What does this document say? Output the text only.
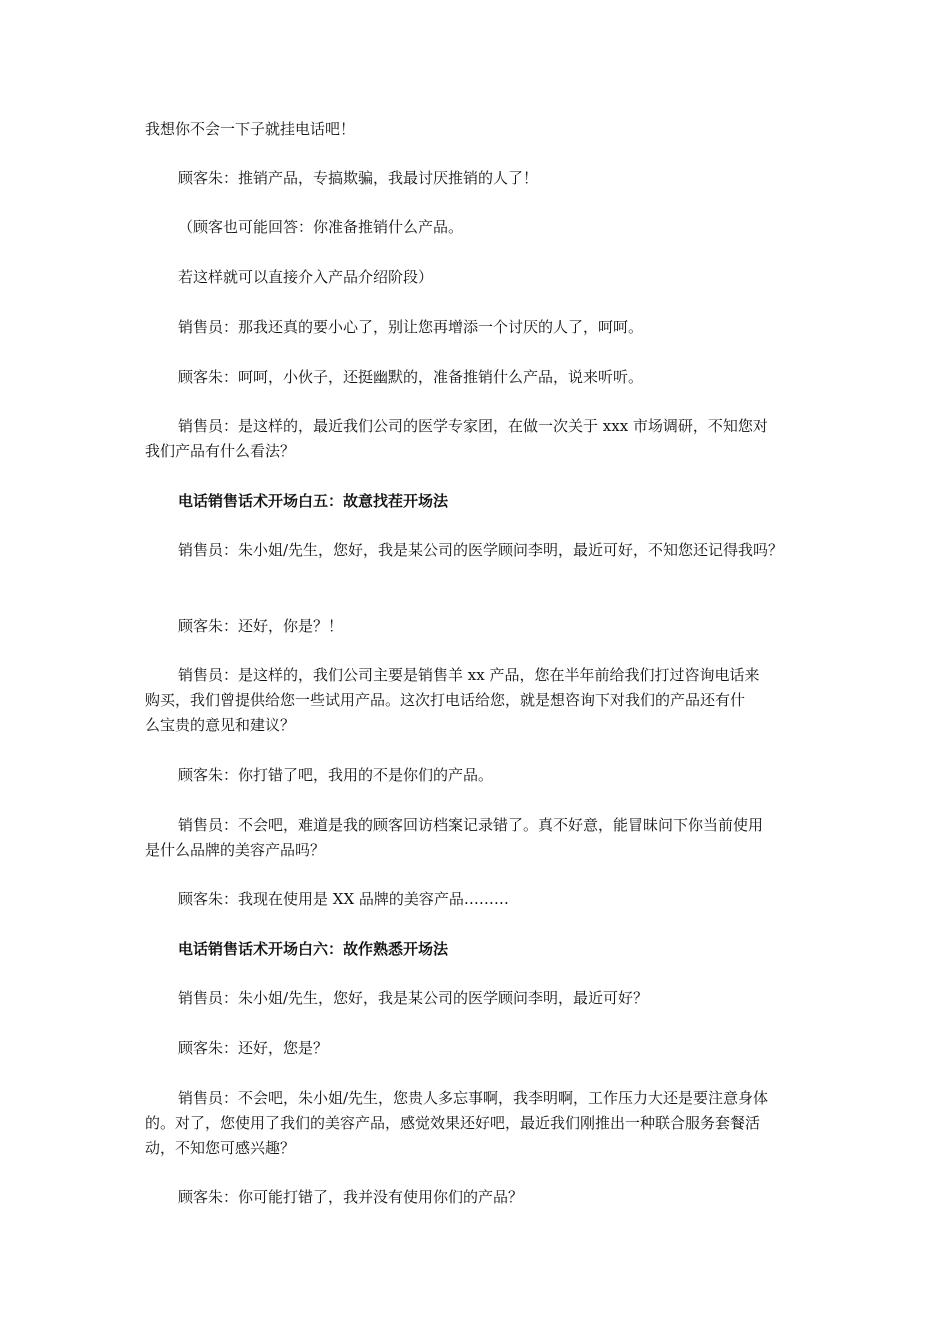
我想你不会一下子就挂电话吧！

顾客朱：推销产品，专搞欺骗，我最讨厌推销的人了！

（顾客也可能回答：你准备推销什么产品。

若这样就可以直接介入产品介绍阶段）

销售员：那我还真的要小心了，别让您再增添一个讨厌的人了，呵呵。

顾客朱：呵呵，小伙子，还挺幽默的，准备推销什么产品，说来听听。

销售员：是这样的，最近我们公司的医学专家团，在做一次关于 xxx 市场调研，不知您对

我们产品有什么看法？

电话销售话术开场白五：故意找茬开场法

销售员：朱小姐/先生，您好，我是某公司的医学顾问李明，最近可好，不知您还记得我吗？

顾客朱：还好，你是？！

销售员：是这样的，我们公司主要是销售羊 xx 产品，您在半年前给我们打过咨询电话来

购买，我们曾提供给您一些试用产品。这次打电话给您，就是想咨询下对我们的产品还有什

么宝贵的意见和建议？

顾客朱：你打错了吧，我用的不是你们的产品。

销售员：不会吧，难道是我的顾客回访档案记录错了。真不好意，能冒昧问下你当前使用

是什么品牌的美容产品吗？

顾客朱：我现在使用是 XX 品牌的美容产品………

电话销售话术开场白六：故作熟悉开场法

销售员：朱小姐/先生，您好，我是某公司的医学顾问李明，最近可好？

顾客朱：还好，您是？

销售员：不会吧，朱小姐/先生，您贵人多忘事啊，我李明啊，工作压力大还是要注意身体

的。对了，您使用了我们的美容产品，感觉效果还好吧，最近我们刚推出一种联合服务套餐活

动，不知您可感兴趣？

顾客朱：你可能打错了，我并没有使用你们的产品？
